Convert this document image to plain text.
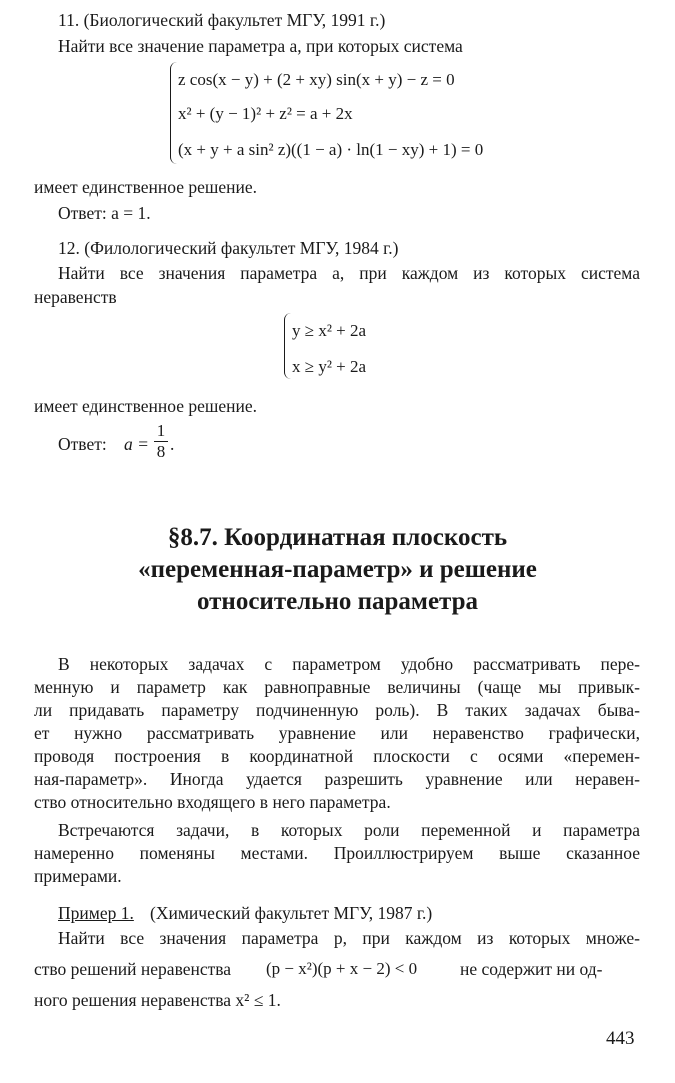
11. (Биологический факультет МГУ, 1991 г.)
Найти все значение параметра a, при которых система
z cos(x − y) + (2 + xy) sin(x + y) − z = 0
x² + (y − 1)² + z² = a + 2x
(x + y + a sin² z)((1 − a) · ln(1 − xy) + 1) = 0
имеет единственное решение.
Ответ: a = 1.
12. (Филологический факультет МГУ, 1984 г.)
Найти все значения параметра a, при каждом из которых система
неравенств
y ≥ x² + 2a
x ≥ y² + 2a
имеет единственное решение.
Ответ: $a = \frac{1}{8}$ .
§8.7. Координатная плоскость
«переменная-параметр» и решение
относительно параметра
В некоторых задачах с параметром удобно рассматривать пере-
менную и параметр как равноправные величины (чаще мы привык-
ли придавать параметру подчиненную роль). В таких задачах быва-
ет нужно рассматривать уравнение или неравенство графически,
проводя построения в координатной плоскости с осями «перемен-
ная-параметр». Иногда удается разрешить уравнение или неравен-
ство относительно входящего в него параметра.
Встречаются задачи, в которых роли переменной и параметра
намеренно поменяны местами. Проиллюстрируем выше сказанное
примерами.
Пример 1. (Химический факультет МГУ, 1987 г.)
Найти все значения параметра p, при каждом из которых множе-
ство решений неравенства (p − x²)(p + x − 2) < 0 не содержит ни од-
ного решения неравенства x² ≤ 1.
443
